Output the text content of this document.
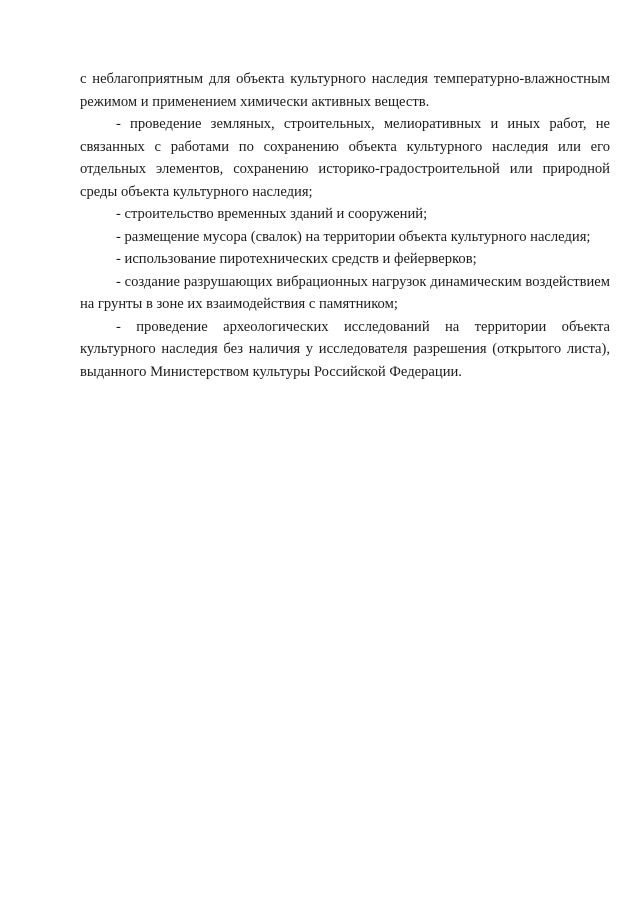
с неблагоприятным для объекта культурного наследия температурно-влажностным режимом и применением химически активных веществ.

- проведение земляных, строительных, мелиоративных и иных работ, не связанных с работами по сохранению объекта культурного наследия или его отдельных элементов, сохранению историко-градостроительной или природной среды объекта культурного наследия;

- строительство временных зданий и сооружений;

- размещение мусора (свалок) на территории объекта культурного наследия;

- использование пиротехнических средств и фейерверков;

- создание разрушающих вибрационных нагрузок динамическим воздействием на грунты в зоне их взаимодействия с памятником;

- проведение археологических исследований на территории объекта культурного наследия без наличия у исследователя разрешения (открытого листа), выданного Министерством культуры Российской Федерации.
